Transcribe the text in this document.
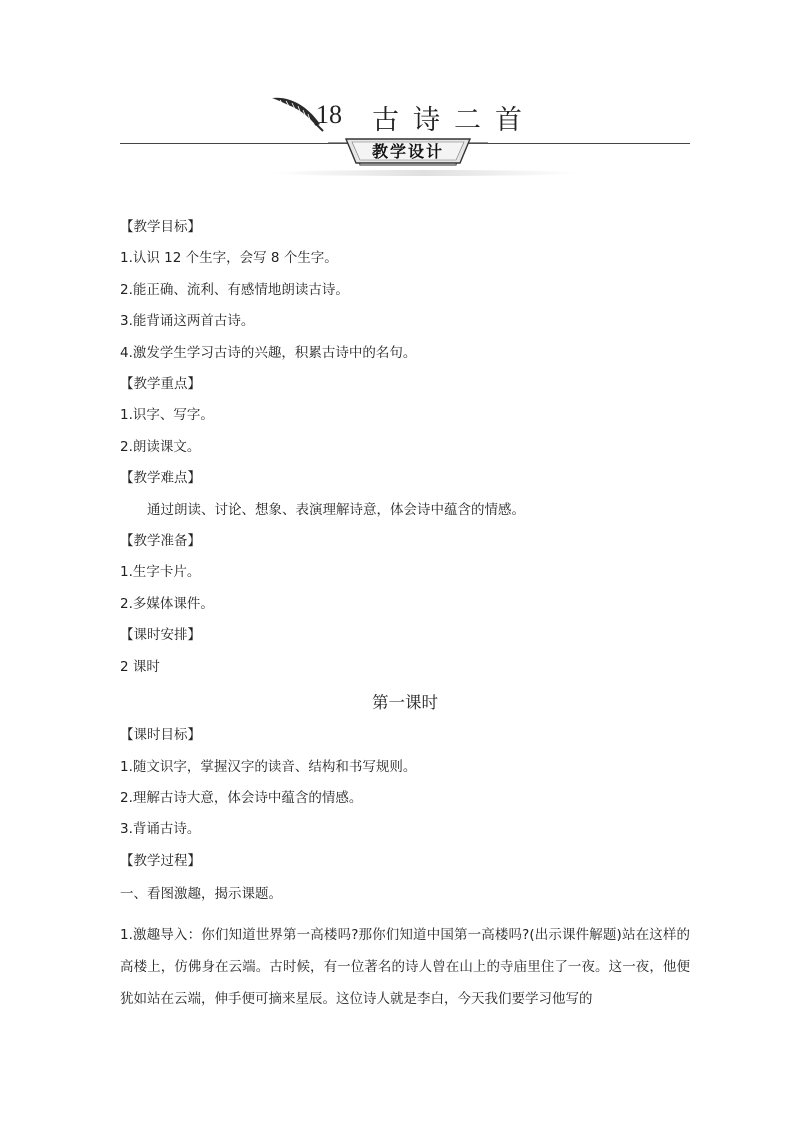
18 古诗二首
教学设计
【教学目标】
1.认识 12 个生字，会写 8 个生字。
2.能正确、流利、有感情地朗读古诗。
3.能背诵这两首古诗。
4.激发学生学习古诗的兴趣，积累古诗中的名句。
【教学重点】
1.识字、写字。
2.朗读课文。
【教学难点】
通过朗读、讨论、想象、表演理解诗意，体会诗中蕴含的情感。
【教学准备】
1.生字卡片。
2.多媒体课件。
【课时安排】
2 课时
第一课时
【课时目标】
1.随文识字，掌握汉字的读音、结构和书写规则。
2.理解古诗大意，体会诗中蕴含的情感。
3.背诵古诗。
【教学过程】
一、看图激趣，揭示课题。
1.激趣导入：你们知道世界第一高楼吗?那你们知道中国第一高楼吗?(出示课件解题)站在这样的高楼上，仿佛身在云端。古时候，有一位著名的诗人曾在山上的寺庙里住了一夜。这一夜，他便犹如站在云端，伸手便可摘来星辰。这位诗人就是李白，今天我们要学习他写的
